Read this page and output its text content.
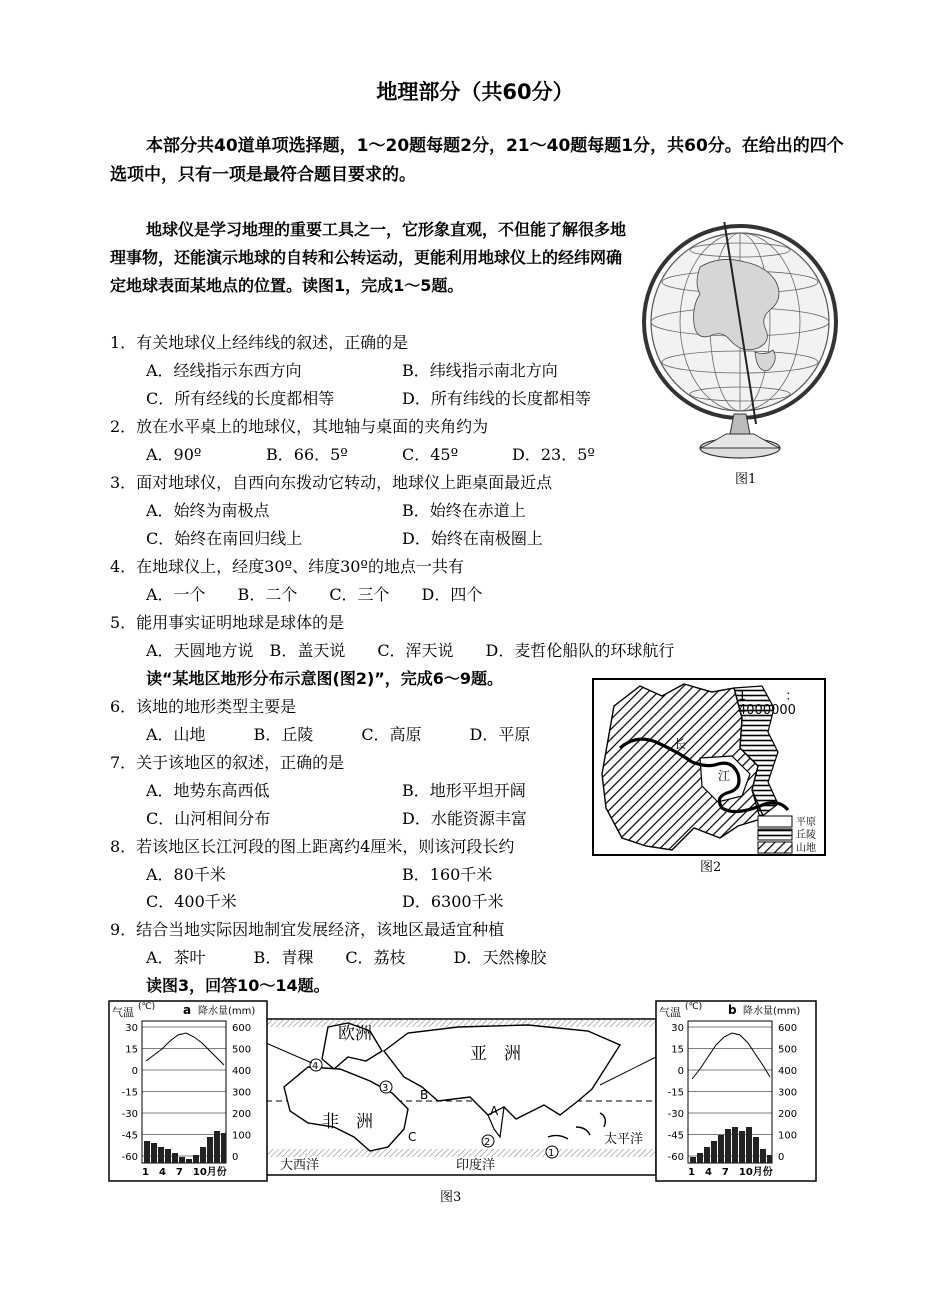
地理部分（共60分）
本部分共40道单项选择题，1～20题每题2分，21～40题每题1分，共60分。在给出的四个选项中，只有一项是最符合题目要求的。
地球仪是学习地理的重要工具之一，它形象直观，不但能了解很多地理事物，还能演示地球的自转和公转运动，更能利用地球仪上的经纬网确定地球表面某地点的位置。读图1，完成1～5题。
1．有关地球仪上经纬线的叙述，正确的是
A．经线指示东西方向	B．纬线指示南北方向
C．所有经线的长度都相等	D．所有纬线的长度都相等
2．放在水平桌上的地球仪，其地轴与桌面的夹角约为
A．90º	B．66．5º	C．45º	D．23．5º
3．面对地球仪，自西向东拨动它转动，地球仪上距桌面最近点
A．始终为南极点	B．始终在赤道上
C．始终在南回归线上	D．始终在南极圈上
4．在地球仪上，经度30º、纬度30º的地点一共有
A．一个　　B．二个　　C．三个　　D．四个
5．能用事实证明地球是球体的是
A．天圆地方说　B．盖天说　　C．浑天说　　D．麦哲伦船队的环球航行
读“某地区地形分布示意图(图2)”，完成6～9题。
6．该地的地形类型主要是
A．山地　　　B．丘陵　　　C．高原　　　D．平原
7．关于该地区的叙述，正确的是
A．地势东高西低	B．地形平坦开阔
C．山河相间分布	D．水能资源丰富
8．若该地区长江河段的图上距离约4厘米，则该河段长约
A．80千米	B．160千米
C．400千米	D．6300千米
9．结合当地实际因地制宜发展经济，该地区最适宜种植
A．茶叶　　　B．青稞　　C．荔枝　　　D．天然橡胶
读图3，回答10～14题。
图1
1　　　：
4000000
长
江
平原
丘陵
山地
图2
欧洲
亚　洲
非　洲
大西洋	印度洋
太平洋
A
B
C
1
2
3
4
气温 (℃) a 降水量(mm)
30
15
0
-15
-30
-45
-60
600
500
400
300
200
100
0
1　4　7　10月份
气温 (℃) b 降水量(mm)
30
15
0
-15
-30
-45
-60
600
500
400
300
200
100
0
1　4　7　10月份
图3
